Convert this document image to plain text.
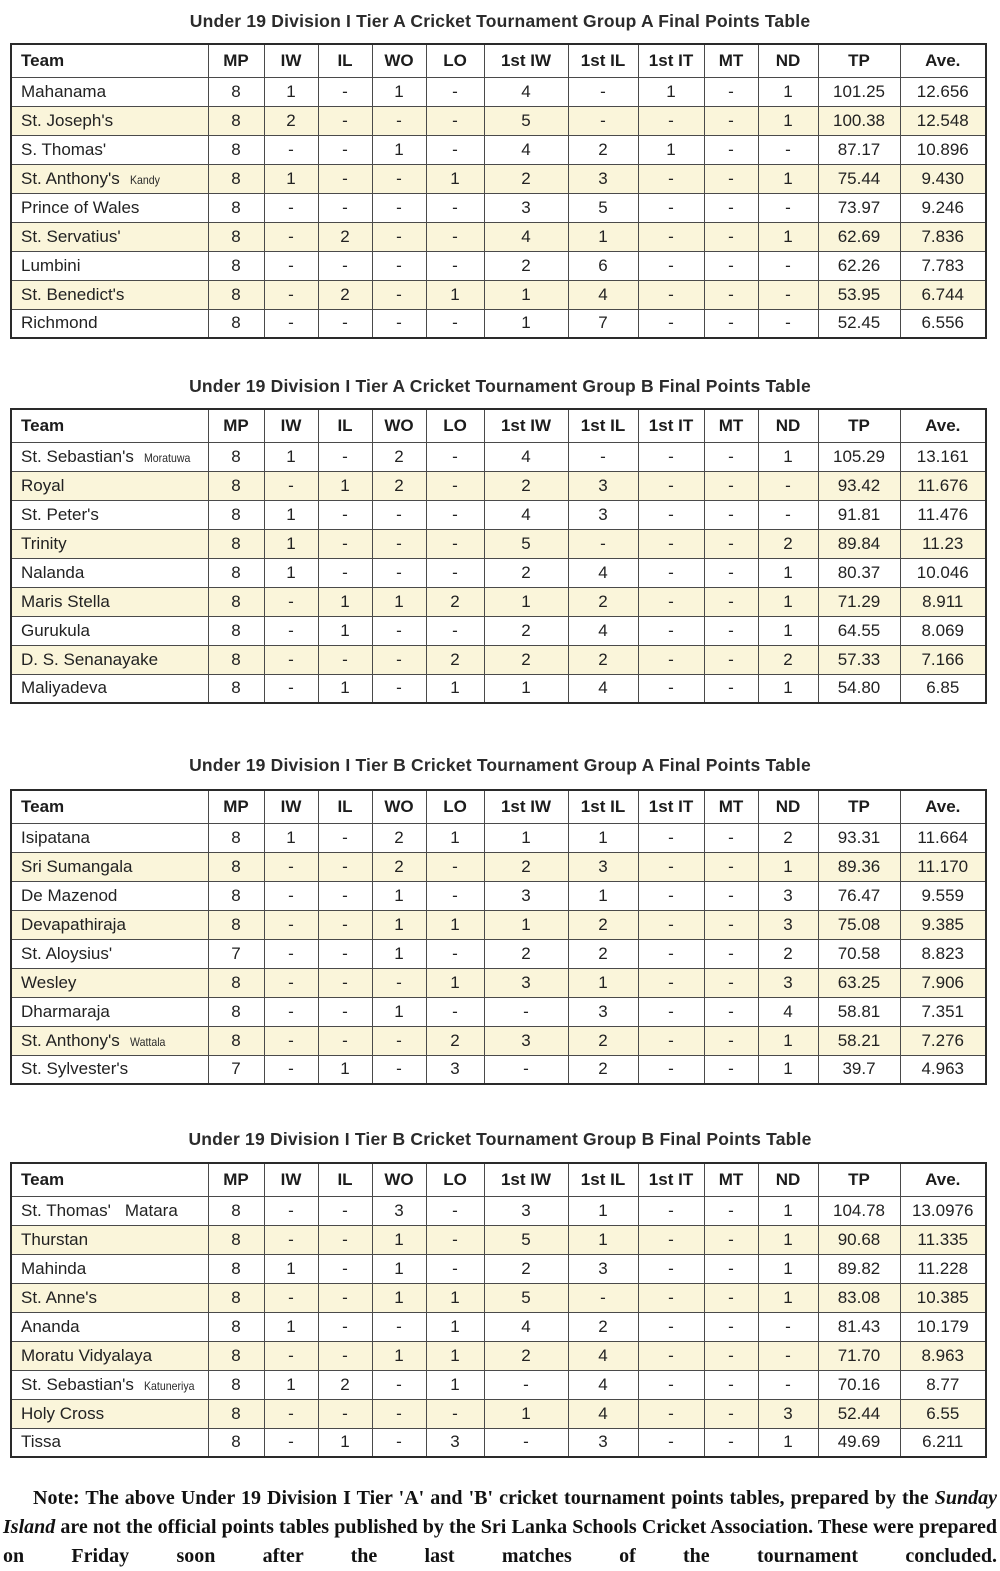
Under 19 Division I Tier A Cricket Tournament Group A Final Points Table
Team	MP	IW	IL	WO	LO	1st IW	1st IL	1st IT	MT	ND	TP	Ave.
Mahanama	8	1	-	1	-	4	-	1	-	1	101.25	12.656
St. Joseph's	8	2	-	-	-	5	-	-	-	1	100.38	12.548
S. Thomas'	8	-	-	1	-	4	2	1	-	-	87.17	10.896
St. Anthony's Kandy	8	1	-	-	1	2	3	-	-	1	75.44	9.430
Prince of Wales	8	-	-	-	-	3	5	-	-	-	73.97	9.246
St. Servatius'	8	-	2	-	-	4	1	-	-	1	62.69	7.836
Lumbini	8	-	-	-	-	2	6	-	-	-	62.26	7.783
St. Benedict's	8	-	2	-	1	1	4	-	-	-	53.95	6.744
Richmond	8	-	-	-	-	1	7	-	-	-	52.45	6.556
Under 19 Division I Tier A Cricket Tournament Group B Final Points Table
Team	MP	IW	IL	WO	LO	1st IW	1st IL	1st IT	MT	ND	TP	Ave.
St. Sebastian's Moratuwa	8	1	-	2	-	4	-	-	-	1	105.29	13.161
Royal	8	-	1	2	-	2	3	-	-	-	93.42	11.676
St. Peter's	8	1	-	-	-	4	3	-	-	-	91.81	11.476
Trinity	8	1	-	-	-	5	-	-	-	2	89.84	11.23
Nalanda	8	1	-	-	-	2	4	-	-	1	80.37	10.046
Maris Stella	8	-	1	1	2	1	2	-	-	1	71.29	8.911
Gurukula	8	-	1	-	-	2	4	-	-	1	64.55	8.069
D. S. Senanayake	8	-	-	-	2	2	2	-	-	2	57.33	7.166
Maliyadeva	8	-	1	-	1	1	4	-	-	1	54.80	6.85
Under 19 Division I Tier B Cricket Tournament Group A Final Points Table
Team	MP	IW	IL	WO	LO	1st IW	1st IL	1st IT	MT	ND	TP	Ave.
Isipatana	8	1	-	2	1	1	1	-	-	2	93.31	11.664
Sri Sumangala	8	-	-	2	-	2	3	-	-	1	89.36	11.170
De Mazenod	8	-	-	1	-	3	1	-	-	3	76.47	9.559
Devapathiraja	8	-	-	1	1	1	2	-	-	3	75.08	9.385
St. Aloysius'	7	-	-	1	-	2	2	-	-	2	70.58	8.823
Wesley	8	-	-	-	1	3	1	-	-	3	63.25	7.906
Dharmaraja	8	-	-	1	-	-	3	-	-	4	58.81	7.351
St. Anthony's Wattala	8	-	-	-	2	3	2	-	-	1	58.21	7.276
St. Sylvester's	7	-	1	-	3	-	2	-	-	1	39.7	4.963
Under 19 Division I Tier B Cricket Tournament Group B Final Points Table
Team	MP	IW	IL	WO	LO	1st IW	1st IL	1st IT	MT	ND	TP	Ave.
St. Thomas' Matara	8	-	-	3	-	3	1	-	-	1	104.78	13.0976
Thurstan	8	-	-	1	-	5	1	-	-	1	90.68	11.335
Mahinda	8	1	-	1	-	2	3	-	-	1	89.82	11.228
St. Anne's	8	-	-	1	1	5	-	-	-	1	83.08	10.385
Ananda	8	1	-	-	1	4	2	-	-	-	81.43	10.179
Moratu Vidyalaya	8	-	-	1	1	2	4	-	-	-	71.70	8.963
St. Sebastian's Katuneriya	8	1	2	-	1	-	4	-	-	-	70.16	8.77
Holy Cross	8	-	-	-	-	1	4	-	-	3	52.44	6.55
Tissa	8	-	1	-	3	-	3	-	-	1	49.69	6.211

Note: The above Under 19 Division I Tier 'A' and 'B' cricket tournament points tables, prepared by the Sunday Island are not the official points tables published by the Sri Lanka Schools Cricket Association. These were prepared on Friday soon after the last matches of the tournament concluded.
